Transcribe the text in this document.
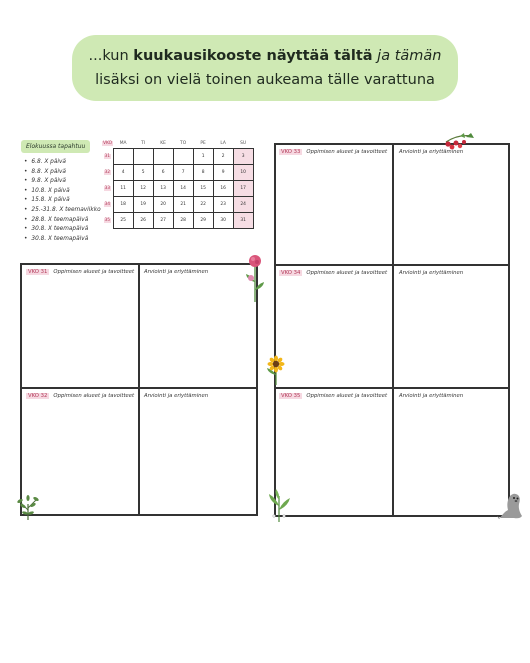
...kun kuukausikooste näyttää tältä ja tämän
lisäksi on vielä toinen aukeama tälle varattuna
Elokuussa tapahtuu
• 6.8. X päivä
• 8.8. X päivä
• 9.8. X päivä
• 10.8. X päivä
• 15.8. X päivä
• 25.-31.8. X teemaviikko
• 28.8. X teemapäivä
• 30.8. X teemapäivä
• 30.8. X teemapäivä
VKO	MA	TI	KE	TO	PE	LA	SU
31					1	2	3
32	4	5	6	7	8	9	10
33	11	12	13	14	15	16	17
34	18	19	20	21	22	23	24
35	25	26	27	28	29	30	31
VKO 31 Oppimisen alueet ja tavoitteet Arviointi ja eriyttäminen
VKO 32 Oppimisen alueet ja tavoitteet Arviointi ja eriyttäminen
VKO 33 Oppimisen alueet ja tavoitteet Arviointi ja eriyttäminen
VKO 34 Oppimisen alueet ja tavoitteet Arviointi ja eriyttäminen
VKO 35 Oppimisen alueet ja tavoitteet Arviointi ja eriyttäminen
